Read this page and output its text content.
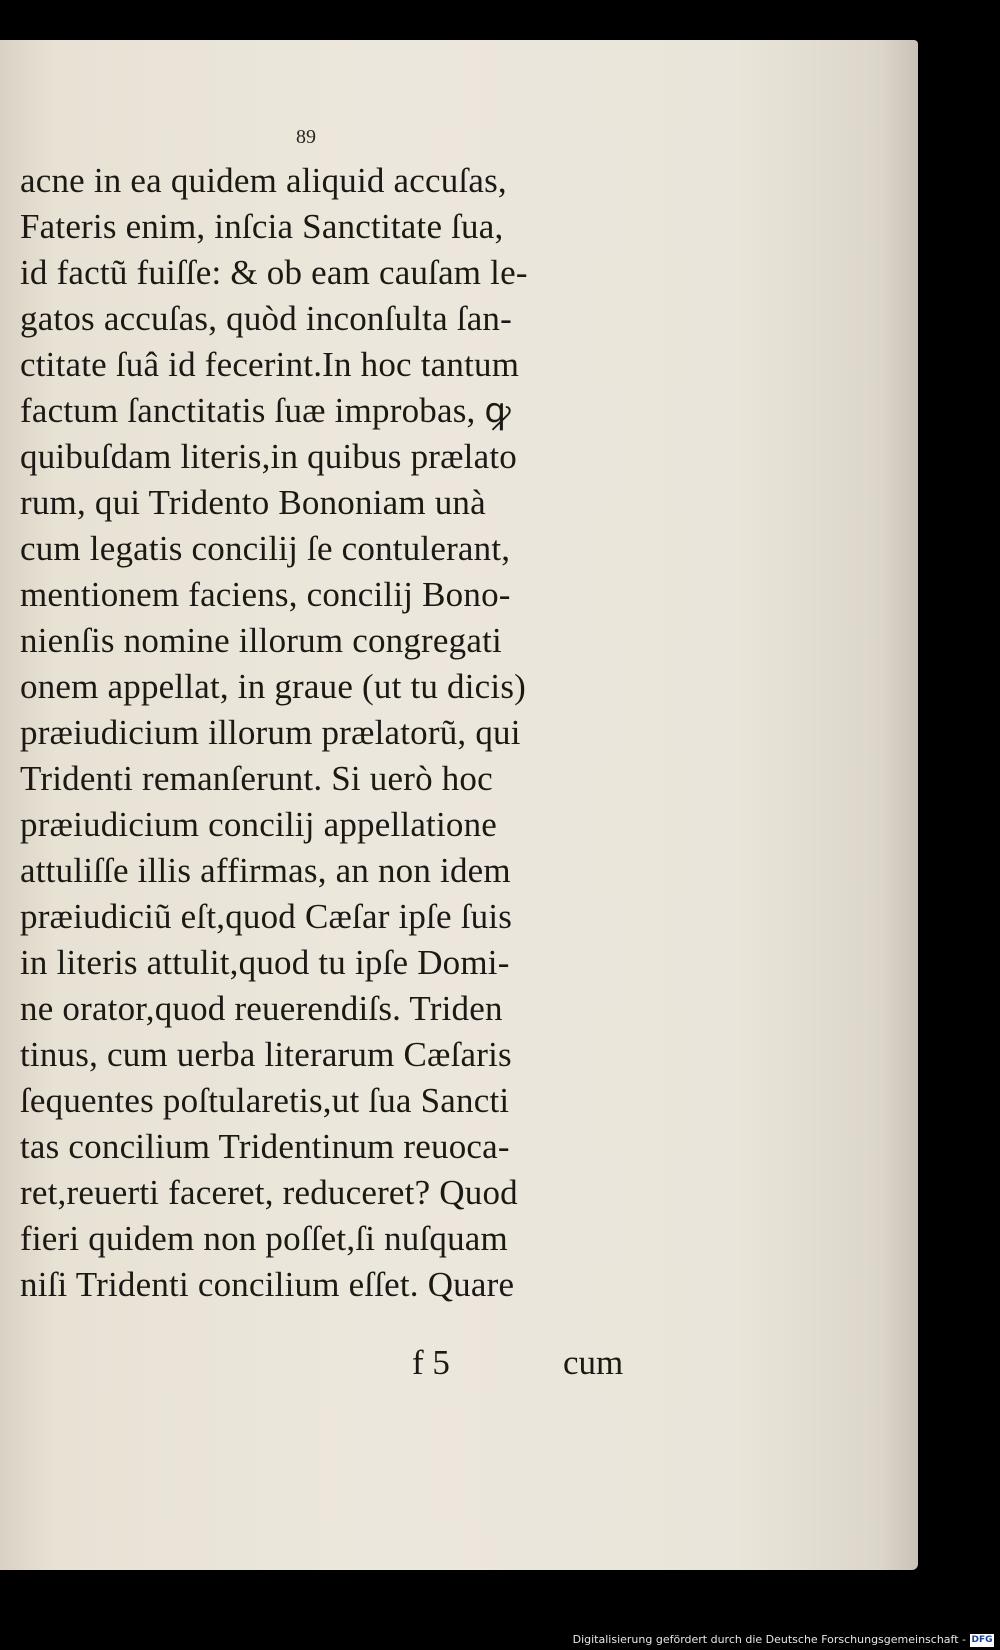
89
acne in ea quidem aliquid accuſas,
Fateris enim, inſcia Sanctitate ſua,
id factũ fuiſſe: & ob eam cauſam le-
gatos accuſas, quòd inconſulta ſan-
ctitate ſuâ id fecerint.In hoc tantum
factum ſanctitatis ſuæ improbas, ꝙ
quibuſdam literis,in quibus prælato
rum, qui Tridento Bononiam unà
cum legatis concilij ſe contulerant,
mentionem faciens, concilij Bono-
nienſis nomine illorum congregati
onem appellat, in graue (ut tu dicis)
præiudicium illorum prælatorũ, qui
Tridenti remanſerunt. Si uerò hoc
præiudicium concilij appellatione
attuliſſe illis affirmas, an non idem
præiudiciũ eſt,quod Cæſar ipſe ſuis
in literis attulit,quod tu ipſe Domi-
ne orator,quod reuerendiſs. Triden
tinus, cum uerba literarum Cæſaris
ſequentes poſtularetis,ut ſua Sancti
tas concilium Tridentinum reuoca-
ret,reuerti faceret, reduceret? Quod
fieri quidem non poſſet,ſi nuſquam
niſi Tridenti concilium eſſet. Quare
f 5	cum
Digitalisierung gefördert durch die Deutsche Forschungsgemeinschaft - DFG
